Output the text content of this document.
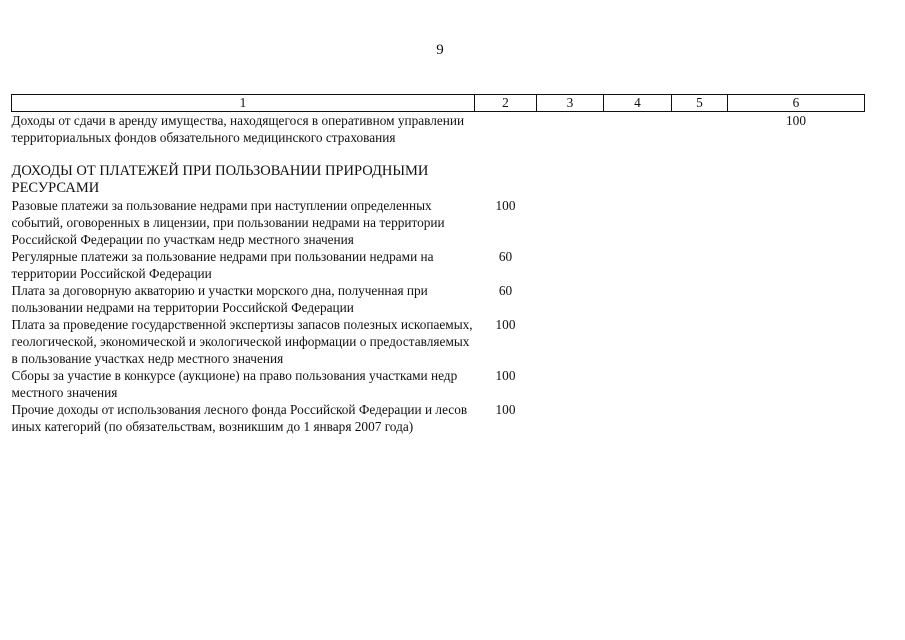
9
1	2	3	4	5	6
Доходы от сдачи в аренду имущества, находящегося в оперативном управлении территориальных фондов обязательного медицинского страхования					100
ДОХОДЫ ОТ ПЛАТЕЖЕЙ ПРИ ПОЛЬЗОВАНИИ ПРИРОДНЫМИ РЕСУРСАМИ					
Разовые платежи за пользование недрами при наступлении определенных событий, оговоренных в лицензии, при пользовании недрами на территории Российской Федерации по участкам недр местного значения	100				
Регулярные платежи за пользование недрами при пользовании недрами на территории Российской Федерации	60				
Плата за договорную акваторию и участки морского дна, полученная при пользовании недрами на территории Российской Федерации	60				
Плата за проведение государственной экспертизы запасов полезных ископаемых, геологической, экономической и экологической информации о предоставляемых в пользование участках недр местного значения	100				
Сборы за участие в конкурсе (аукционе) на право пользования участками недр местного значения	100				
Прочие доходы от использования лесного фонда Российской Федерации и лесов иных категорий (по обязательствам, возникшим до 1 января 2007 года)	100				
